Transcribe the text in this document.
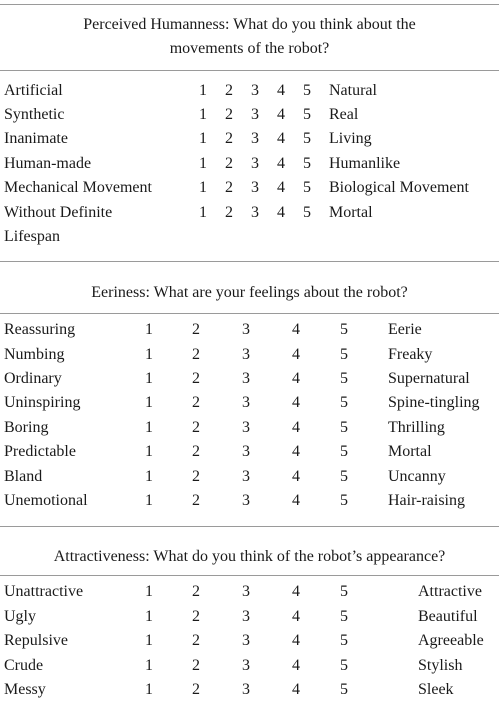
Perceived Humanness: What do you think about the
movements of the robot?
Artificial	1	2	3	4	5	Natural
Synthetic	1	2	3	4	5	Real
Inanimate	1	2	3	4	5	Living
Human-made	1	2	3	4	5	Humanlike
Mechanical Movement	1	2	3	4	5	Biological Movement
Without Definite	1	2	3	4	5	Mortal
Lifespan
Eeriness: What are your feelings about the robot?
Reassuring	1	2	3	4	5	Eerie
Numbing	1	2	3	4	5	Freaky
Ordinary	1	2	3	4	5	Supernatural
Uninspiring	1	2	3	4	5	Spine-tingling
Boring	1	2	3	4	5	Thrilling
Predictable	1	2	3	4	5	Mortal
Bland	1	2	3	4	5	Uncanny
Unemotional	1	2	3	4	5	Hair-raising
Attractiveness: What do you think of the robot’s appearance?
Unattractive	1	2	3	4	5	Attractive
Ugly	1	2	3	4	5	Beautiful
Repulsive	1	2	3	4	5	Agreeable
Crude	1	2	3	4	5	Stylish
Messy	1	2	3	4	5	Sleek
